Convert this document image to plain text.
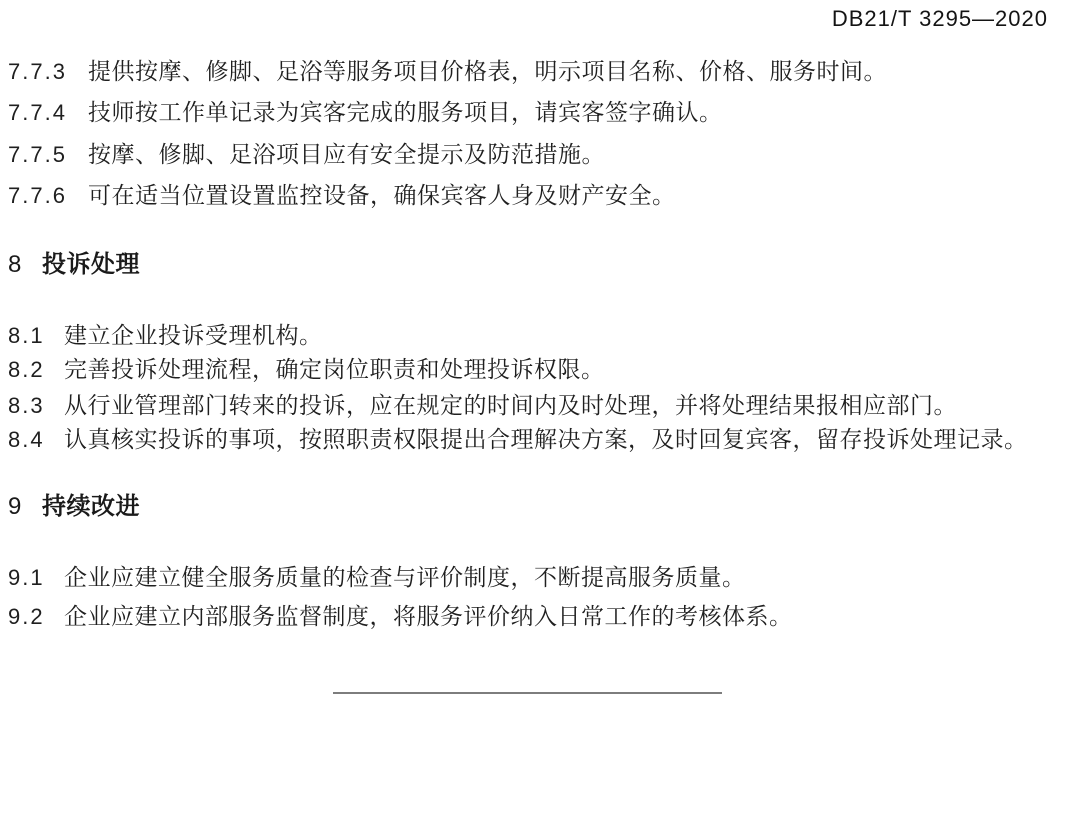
DB21/T 3295—2020
7.7.3 提供按摩、修脚、足浴等服务项目价格表，明示项目名称、价格、服务时间。
7.7.4 技师按工作单记录为宾客完成的服务项目，请宾客签字确认。
7.7.5 按摩、修脚、足浴项目应有安全提示及防范措施。
7.7.6 可在适当位置设置监控设备，确保宾客人身及财产安全。
8 投诉处理
8.1 建立企业投诉受理机构。
8.2 完善投诉处理流程，确定岗位职责和处理投诉权限。
8.3 从行业管理部门转来的投诉，应在规定的时间内及时处理，并将处理结果报相应部门。
8.4 认真核实投诉的事项，按照职责权限提出合理解决方案，及时回复宾客，留存投诉处理记录。
9 持续改进
9.1 企业应建立健全服务质量的检查与评价制度，不断提高服务质量。
9.2 企业应建立内部服务监督制度，将服务评价纳入日常工作的考核体系。
